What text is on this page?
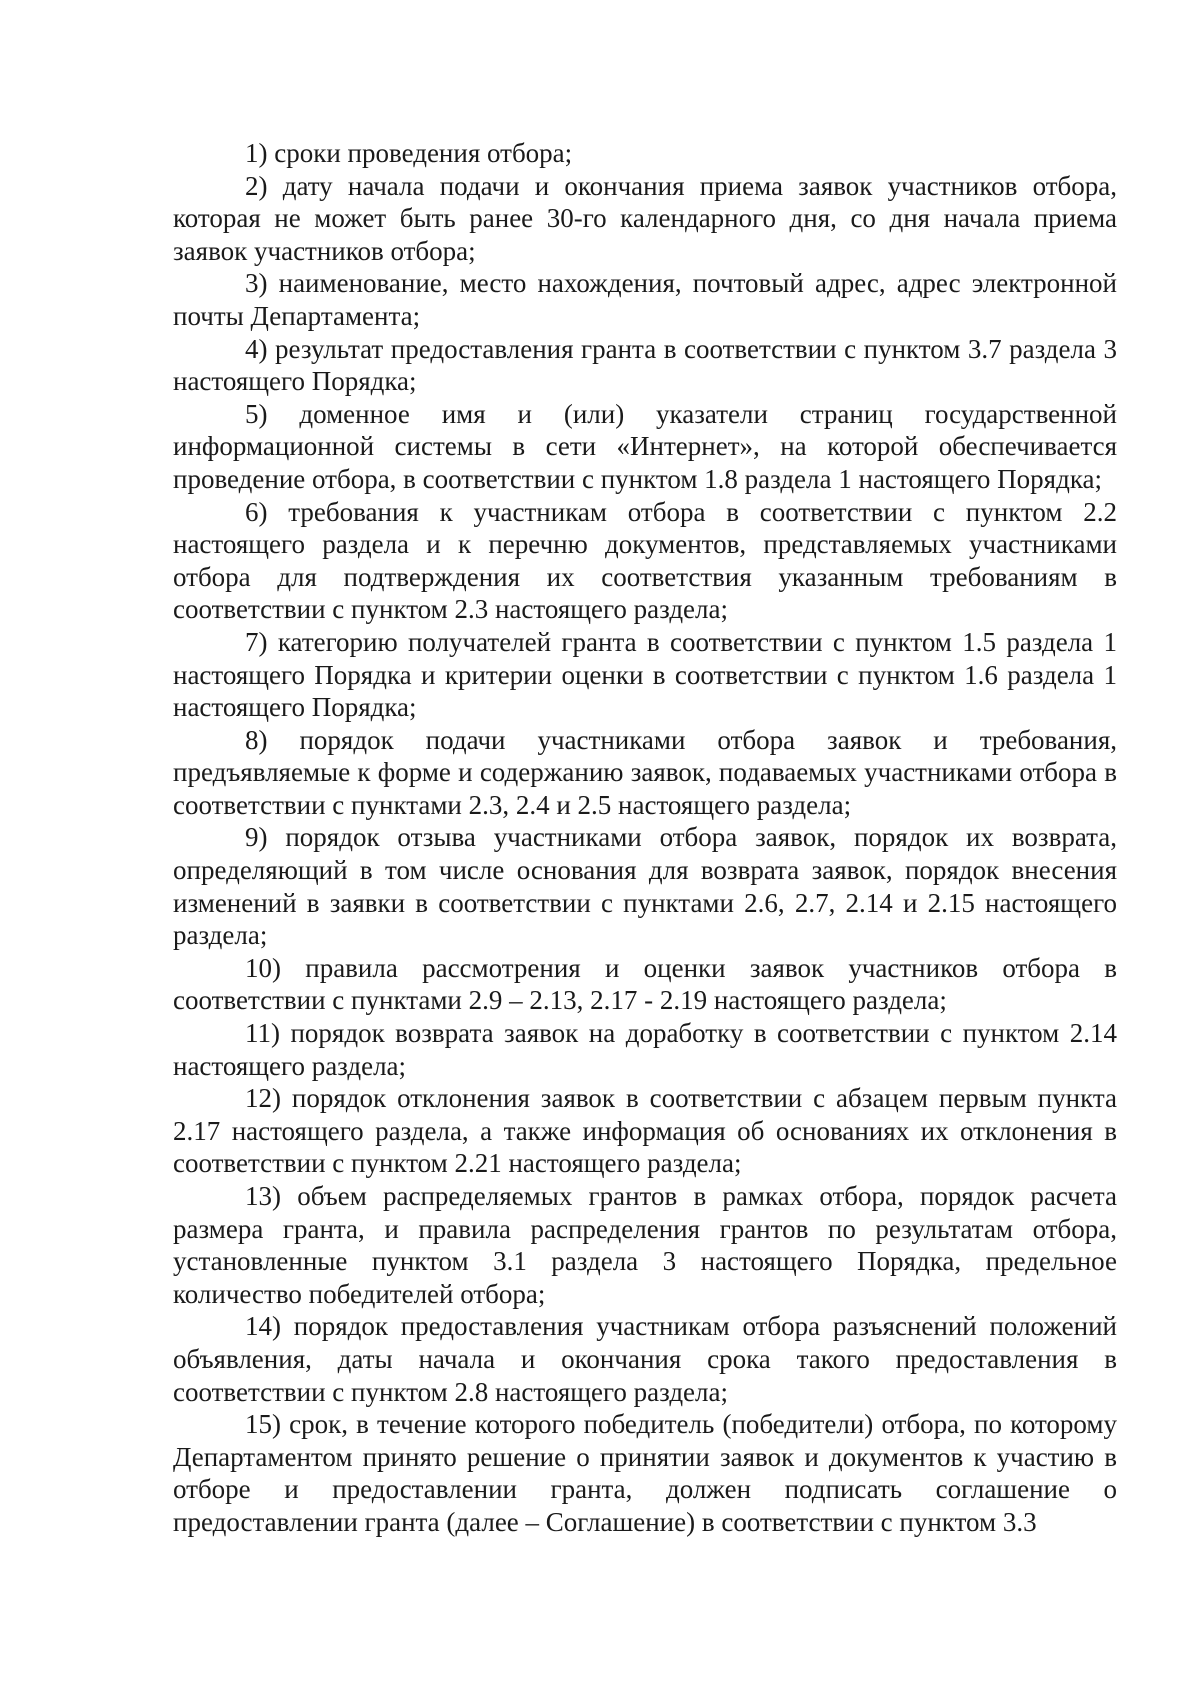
1) сроки проведения отбора;

2) дату начала подачи и окончания приема заявок участников отбора, которая не может быть ранее 30-го календарного дня, со дня начала приема заявок участников отбора;

3) наименование, место нахождения, почтовый адрес, адрес электронной почты Департамента;

4) результат предоставления гранта в соответствии с пунктом 3.7 раздела 3 настоящего Порядка;

5) доменное имя и (или) указатели страниц государственной информационной системы в сети «Интернет», на которой обеспечивается проведение отбора, в соответствии с пунктом 1.8 раздела 1 настоящего Порядка;

6) требования к участникам отбора в соответствии с пунктом 2.2 настоящего раздела и к перечню документов, представляемых участниками отбора для подтверждения их соответствия указанным требованиям в соответствии с пунктом 2.3 настоящего раздела;

7) категорию получателей гранта в соответствии с пунктом 1.5 раздела 1 настоящего Порядка и критерии оценки в соответствии с пунктом 1.6 раздела 1 настоящего Порядка;

8) порядок подачи участниками отбора заявок и требования, предъявляемые к форме и содержанию заявок, подаваемых участниками отбора в соответствии с пунктами 2.3, 2.4 и 2.5 настоящего раздела;

9) порядок отзыва участниками отбора заявок, порядок их возврата, определяющий в том числе основания для возврата заявок, порядок внесения изменений в заявки в соответствии с пунктами 2.6, 2.7, 2.14 и 2.15 настоящего раздела;

10) правила рассмотрения и оценки заявок участников отбора в соответствии с пунктами 2.9 – 2.13, 2.17 - 2.19 настоящего раздела;

11) порядок возврата заявок на доработку в соответствии с пунктом 2.14 настоящего раздела;

12) порядок отклонения заявок в соответствии с абзацем первым пункта 2.17 настоящего раздела, а также информация об основаниях их отклонения в соответствии с пунктом 2.21 настоящего раздела;

13) объем распределяемых грантов в рамках отбора, порядок расчета размера гранта, и правила распределения грантов по результатам отбора, установленные пунктом 3.1 раздела 3 настоящего Порядка, предельное количество победителей отбора;

14) порядок предоставления участникам отбора разъяснений положений объявления, даты начала и окончания срока такого предоставления в соответствии с пунктом 2.8 настоящего раздела;

15) срок, в течение которого победитель (победители) отбора, по которому Департаментом принято решение о принятии заявок и документов к участию в отборе и предоставлении гранта, должен подписать соглашение о предоставлении гранта (далее – Соглашение) в соответствии с пунктом 3.3
